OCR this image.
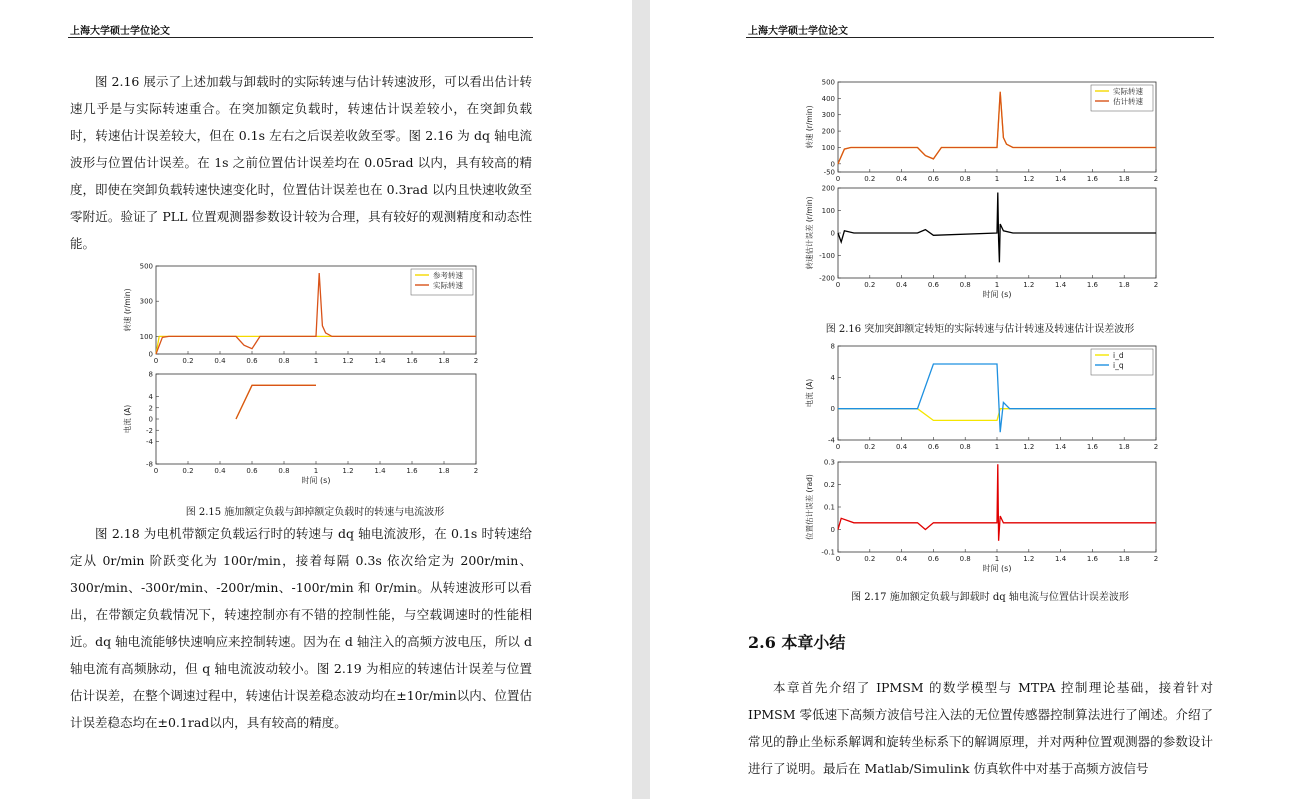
上海大学硕士学位论文

图 2.16 展示了上述加载与卸载时的实际转速与估计转速波形，可以看出估计转速几乎是与实际转速重合。在突加额定负载时，转速估计误差较小，在突卸负载时，转速估计误差较大，但在 0.1s 左右之后误差收敛至零。图 2.16 为 dq 轴电流波形与位置估计误差。在 1s 之前位置估计误差均在 0.05rad 以内，具有较高的精度，即使在突卸负载转速快速变化时，位置估计误差也在 0.3rad 以内且快速收敛至零附近。验证了 PLL 位置观测器参数设计较为合理，具有较好的观测精度和动态性能。

0	0.2	0.4	0.6	0.8	1	1.2	1.4	1.6	1.8	2
0
100
300
500
转速 (r/min)
参考转速
实际转速
0	0.2	0.4	0.6	0.8	1	1.2	1.4	1.6	1.8	2
-8
-4
-2
0
2
4
8
电流 (A)
时间 (s)
图 2.15 施加额定负载与卸掉额定负载时的转速与电流波形

图 2.18 为电机带额定负载运行时的转速与 dq 轴电流波形，在 0.1s 时转速给定从 0r/min 阶跃变化为 100r/min，接着每隔 0.3s 依次给定为 200r/min、300r/min、-300r/min、-200r/min、-100r/min 和 0r/min。从转速波形可以看出，在带额定负载情况下，转速控制亦有不错的控制性能，与空载调速时的性能相近。dq 轴电流能够快速响应来控制转速。因为在 d 轴注入的高频方波电压，所以 d 轴电流有高频脉动，但 q 轴电流波动较小。图 2.19 为相应的转速估计误差与位置估计误差，在整个调速过程中，转速估计误差稳态波动均在±10r/min以内、位置估计误差稳态均在±0.1rad以内，具有较高的精度。

上海大学硕士学位论文
0	0.2	0.4	0.6	0.8	1	1.2	1.4	1.6	1.8	2
-50
0
100
200
300
400
500
转速 (r/min)
实际转速
估计转速
0	0.2	0.4	0.6	0.8	1	1.2	1.4	1.6	1.8	2
-200
-100
0
100
200
转速估计误差 (r/min)
时间 (s)
图 2.16 突加突卸额定转矩的实际转速与估计转速及转速估计误差波形
0	0.2	0.4	0.6	0.8	1	1.2	1.4	1.6	1.8	2
-4
0
4
8
电流 (A)
i_d
i_q
0	0.2	0.4	0.6	0.8	1	1.2	1.4	1.6	1.8	2
-0.1
0
0.1
0.2
0.3
位置估计误差 (rad)
时间 (s)
图 2.17 施加额定负载与卸载时 dq 轴电流与位置估计误差波形
2.6 本章小结

本章首先介绍了 IPMSM 的数学模型与 MTPA 控制理论基础，接着针对 IPMSM 零低速下高频方波信号注入法的无位置传感器控制算法进行了阐述。介绍了常见的静止坐标系解调和旋转坐标系下的解调原理，并对两种位置观测器的参数设计进行了说明。最后在 Matlab/Simulink 仿真软件中对基于高频方波信号
